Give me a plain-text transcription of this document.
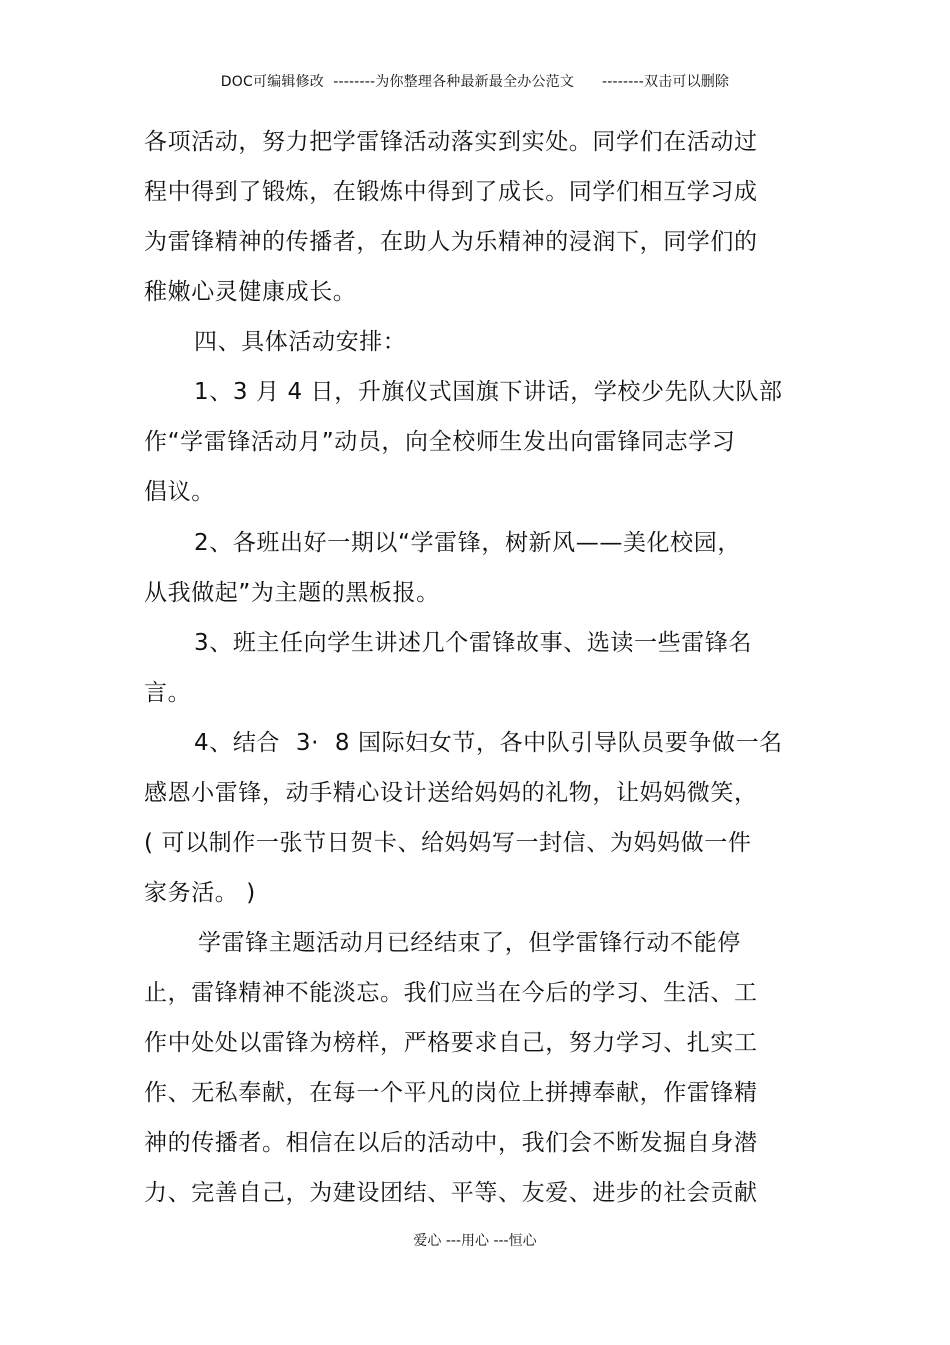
DOC可编辑修改  --------为你整理各种最新最全办公范文      --------双击可以删除
各项活动，努力把学雷锋活动落实到实处。同学们在活动过
程中得到了锻炼，在锻炼中得到了成长。同学们相互学习成
为雷锋精神的传播者，在助人为乐精神的浸润下，同学们的
稚嫩心灵健康成长。
四、具体活动安排：
1、3 月 4 日，升旗仪式国旗下讲话，学校少先队大队部
作“学雷锋活动月”动员，向全校师生发出向雷锋同志学习
倡议。
2、各班出好一期以“学雷锋，树新风——美化校园，
从我做起”为主题的黑板报。
3、班主任向学生讲述几个雷锋故事、选读一些雷锋名
言。
4、结合  3·  8 国际妇女节，各中队引导队员要争做一名
感恩小雷锋，动手精心设计送给妈妈的礼物，让妈妈微笑，
( 可以制作一张节日贺卡、给妈妈写一封信、为妈妈做一件
家务活。 )
学雷锋主题活动月已经结束了，但学雷锋行动不能停
止，雷锋精神不能淡忘。我们应当在今后的学习、生活、工
作中处处以雷锋为榜样，严格要求自己，努力学习、扎实工
作、无私奉献，在每一个平凡的岗位上拼搏奉献，作雷锋精
神的传播者。相信在以后的活动中，我们会不断发掘自身潜
力、完善自己，为建设团结、平等、友爱、进步的社会贡献
爱心 ---用心 ---恒心
